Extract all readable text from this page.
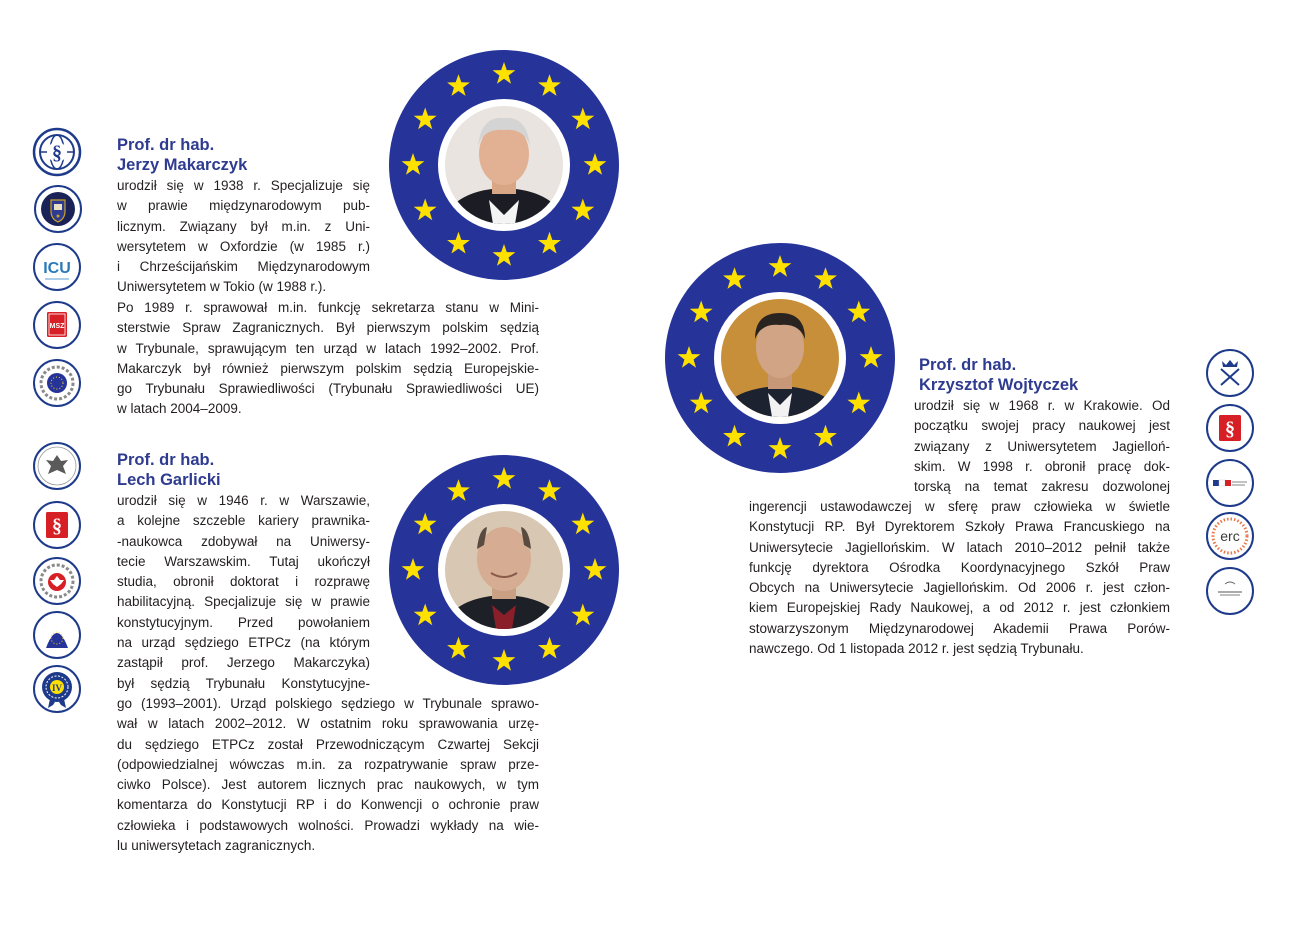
§
ICU
MSZ
§
IV
§
erc
Prof. dr hab.
Jerzy Makarczyk
urodził się w 1938 r. Specjalizuje się
w prawie międzynarodowym pub-
licznym. Związany był m.in. z Uni-
wersytetem w Oxfordzie (w 1985 r.)
i Chrześcijańskim Międzynarodowym
Uniwersytetem w Tokio (w 1988 r.).
Po 1989 r. sprawował m.in. funkcję sekretarza stanu w Mini-
sterstwie Spraw Zagranicznych. Był pierwszym polskim sędzią
w Trybunale, sprawującym ten urząd w latach 1992–2002. Prof.
Makarczyk był również pierwszym polskim sędzią Europejskie-
go Trybunału Sprawiedliwości (Trybunału Sprawiedliwości UE)
w latach 2004–2009.
Prof. dr hab.
Lech Garlicki
urodził się w 1946 r. w Warszawie,
a kolejne szczeble kariery prawnika-
-naukowca zdobywał na Uniwersy-
tecie Warszawskim. Tutaj ukończył
studia, obronił doktorat i rozprawę
habilitacyjną. Specjalizuje się w prawie
konstytucyjnym. Przed powołaniem
na urząd sędziego ETPCz (na którym
zastąpił prof. Jerzego Makarczyka)
był sędzią Trybunału Konstytucyjne-
go (1993–2001). Urząd polskiego sędziego w Trybunale sprawo-
wał w latach 2002–2012. W ostatnim roku sprawowania urzę-
du sędziego ETPCz został Przewodniczącym Czwartej Sekcji
(odpowiedzialnej wówczas m.in. za rozpatrywanie spraw prze-
ciwko Polsce). Jest autorem licznych prac naukowych, w tym
komentarza do Konstytucji RP i do Konwencji o ochronie praw
człowieka i podstawowych wolności. Prowadzi wykłady na wie-
lu uniwersytetach zagranicznych.
Prof. dr hab.
Krzysztof Wojtyczek
urodził się w 1968 r. w Krakowie. Od
początku swojej pracy naukowej jest
związany z Uniwersytetem Jagielloń-
skim. W 1998 r. obronił pracę dok-
torską na temat zakresu dozwolonej
ingerencji ustawodawczej w sferę praw człowieka w świetle
Konstytucji RP. Był Dyrektorem Szkoły Prawa Francuskiego na
Uniwersytecie Jagiellońskim. W latach 2010–2012 pełnił także
funkcję dyrektora Ośrodka Koordynacyjnego Szkół Praw
Obcych na Uniwersytecie Jagiellońskim. Od 2006 r. jest człon-
kiem Europejskiej Rady Naukowej, a od 2012 r. jest członkiem
stowarzyszonym Międzynarodowej Akademii Prawa Porów-
nawczego. Od 1 listopada 2012 r. jest sędzią Trybunału.
